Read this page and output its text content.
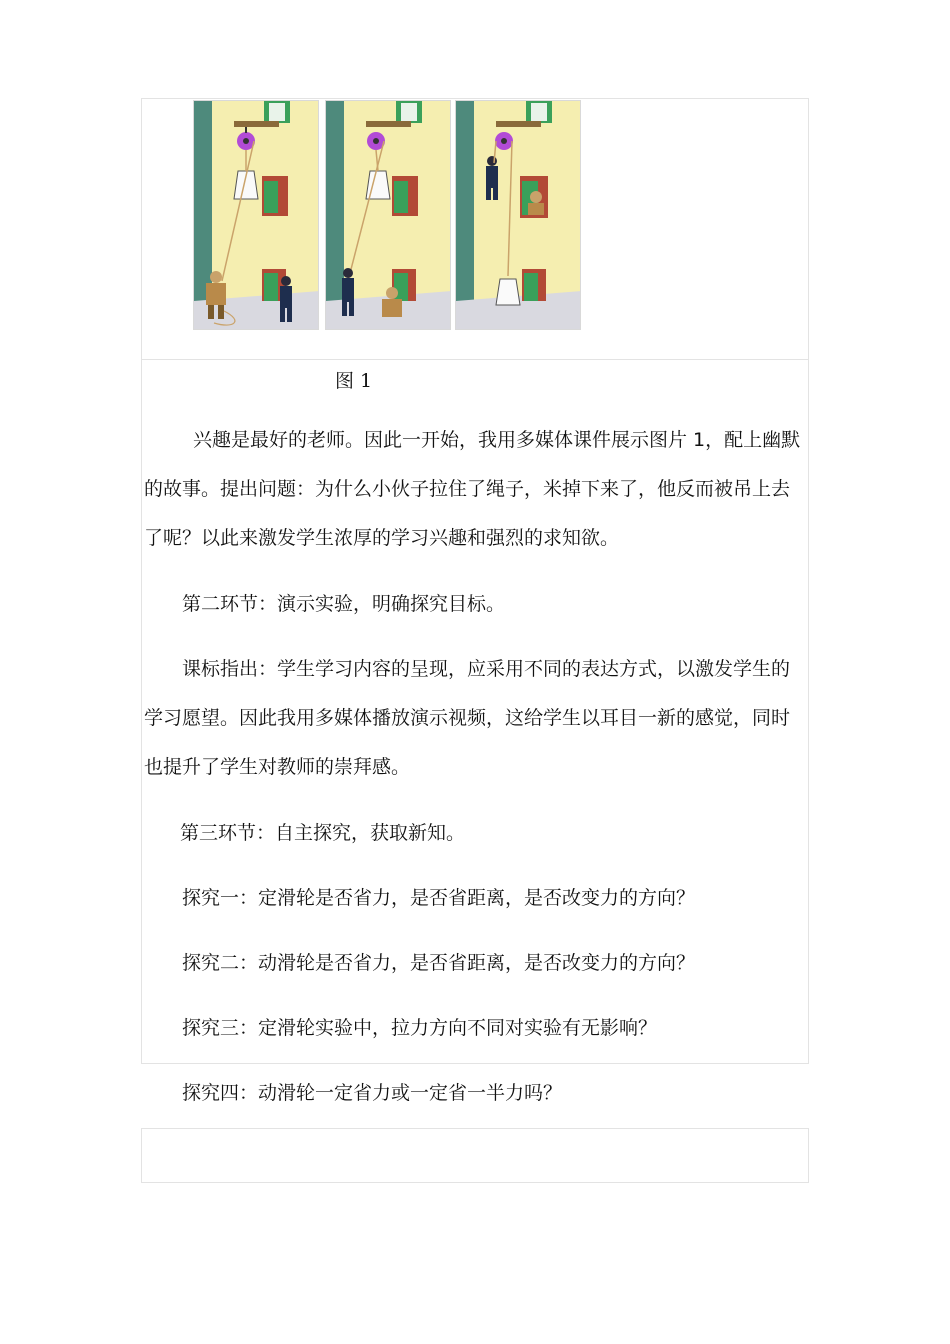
图 1
兴趣是最好的老师。因此一开始，我用多媒体课件展示图片 1，配上幽默
的故事。提出问题：为什么小伙子拉住了绳子，米掉下来了，他反而被吊上去
了呢？以此来激发学生浓厚的学习兴趣和强烈的求知欲。
第二环节：演示实验，明确探究目标。
课标指出：学生学习内容的呈现，应采用不同的表达方式，以激发学生的
学习愿望。因此我用多媒体播放演示视频，这给学生以耳目一新的感觉，同时
也提升了学生对教师的崇拜感。
第三环节：自主探究，获取新知。
探究一：定滑轮是否省力，是否省距离，是否改变力的方向？
探究二：动滑轮是否省力，是否省距离，是否改变力的方向？
探究三：定滑轮实验中，拉力方向不同对实验有无影响？
探究四：动滑轮一定省力或一定省一半力吗？
